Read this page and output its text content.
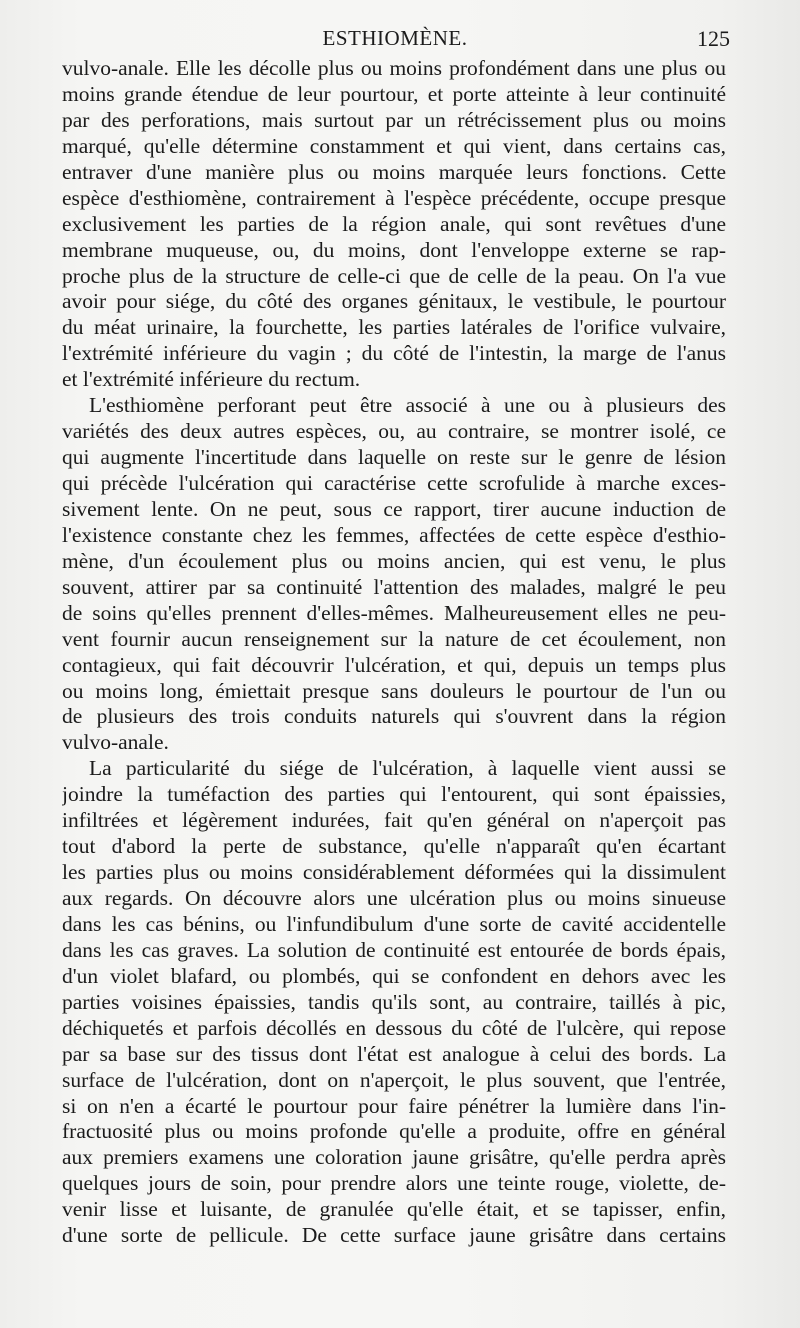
ESTHIOMÈNE.	125
vulvo-anale. Elle les décolle plus ou moins profondément dans une plus ou
moins grande étendue de leur pourtour, et porte atteinte à leur continuité
par des perforations, mais surtout par un rétrécissement plus ou moins
marqué, qu'elle détermine constamment et qui vient, dans certains cas,
entraver d'une manière plus ou moins marquée leurs fonctions. Cette
espèce d'esthiomène, contrairement à l'espèce précédente, occupe presque
exclusivement les parties de la région anale, qui sont revêtues d'une
membrane muqueuse, ou, du moins, dont l'enveloppe externe se rap-
proche plus de la structure de celle-ci que de celle de la peau. On l'a vue
avoir pour siége, du côté des organes génitaux, le vestibule, le pourtour
du méat urinaire, la fourchette, les parties latérales de l'orifice vulvaire,
l'extrémité inférieure du vagin ; du côté de l'intestin, la marge de l'anus
et l'extrémité inférieure du rectum.
L'esthiomène perforant peut être associé à une ou à plusieurs des
variétés des deux autres espèces, ou, au contraire, se montrer isolé, ce
qui augmente l'incertitude dans laquelle on reste sur le genre de lésion
qui précède l'ulcération qui caractérise cette scrofulide à marche exces-
sivement lente. On ne peut, sous ce rapport, tirer aucune induction de
l'existence constante chez les femmes, affectées de cette espèce d'esthio-
mène, d'un écoulement plus ou moins ancien, qui est venu, le plus
souvent, attirer par sa continuité l'attention des malades, malgré le peu
de soins qu'elles prennent d'elles-mêmes. Malheureusement elles ne peu-
vent fournir aucun renseignement sur la nature de cet écoulement, non
contagieux, qui fait découvrir l'ulcération, et qui, depuis un temps plus
ou moins long, émiettait presque sans douleurs le pourtour de l'un ou
de plusieurs des trois conduits naturels qui s'ouvrent dans la région
vulvo-anale.
La particularité du siége de l'ulcération, à laquelle vient aussi se
joindre la tuméfaction des parties qui l'entourent, qui sont épaissies,
infiltrées et légèrement indurées, fait qu'en général on n'aperçoit pas
tout d'abord la perte de substance, qu'elle n'apparaît qu'en écartant
les parties plus ou moins considérablement déformées qui la dissimulent
aux regards. On découvre alors une ulcération plus ou moins sinueuse
dans les cas bénins, ou l'infundibulum d'une sorte de cavité accidentelle
dans les cas graves. La solution de continuité est entourée de bords épais,
d'un violet blafard, ou plombés, qui se confondent en dehors avec les
parties voisines épaissies, tandis qu'ils sont, au contraire, taillés à pic,
déchiquetés et parfois décollés en dessous du côté de l'ulcère, qui repose
par sa base sur des tissus dont l'état est analogue à celui des bords. La
surface de l'ulcération, dont on n'aperçoit, le plus souvent, que l'entrée,
si on n'en a écarté le pourtour pour faire pénétrer la lumière dans l'in-
fractuosité plus ou moins profonde qu'elle a produite, offre en général
aux premiers examens une coloration jaune grisâtre, qu'elle perdra après
quelques jours de soin, pour prendre alors une teinte rouge, violette, de-
venir lisse et luisante, de granulée qu'elle était, et se tapisser, enfin,
d'une sorte de pellicule. De cette surface jaune grisâtre dans certains
